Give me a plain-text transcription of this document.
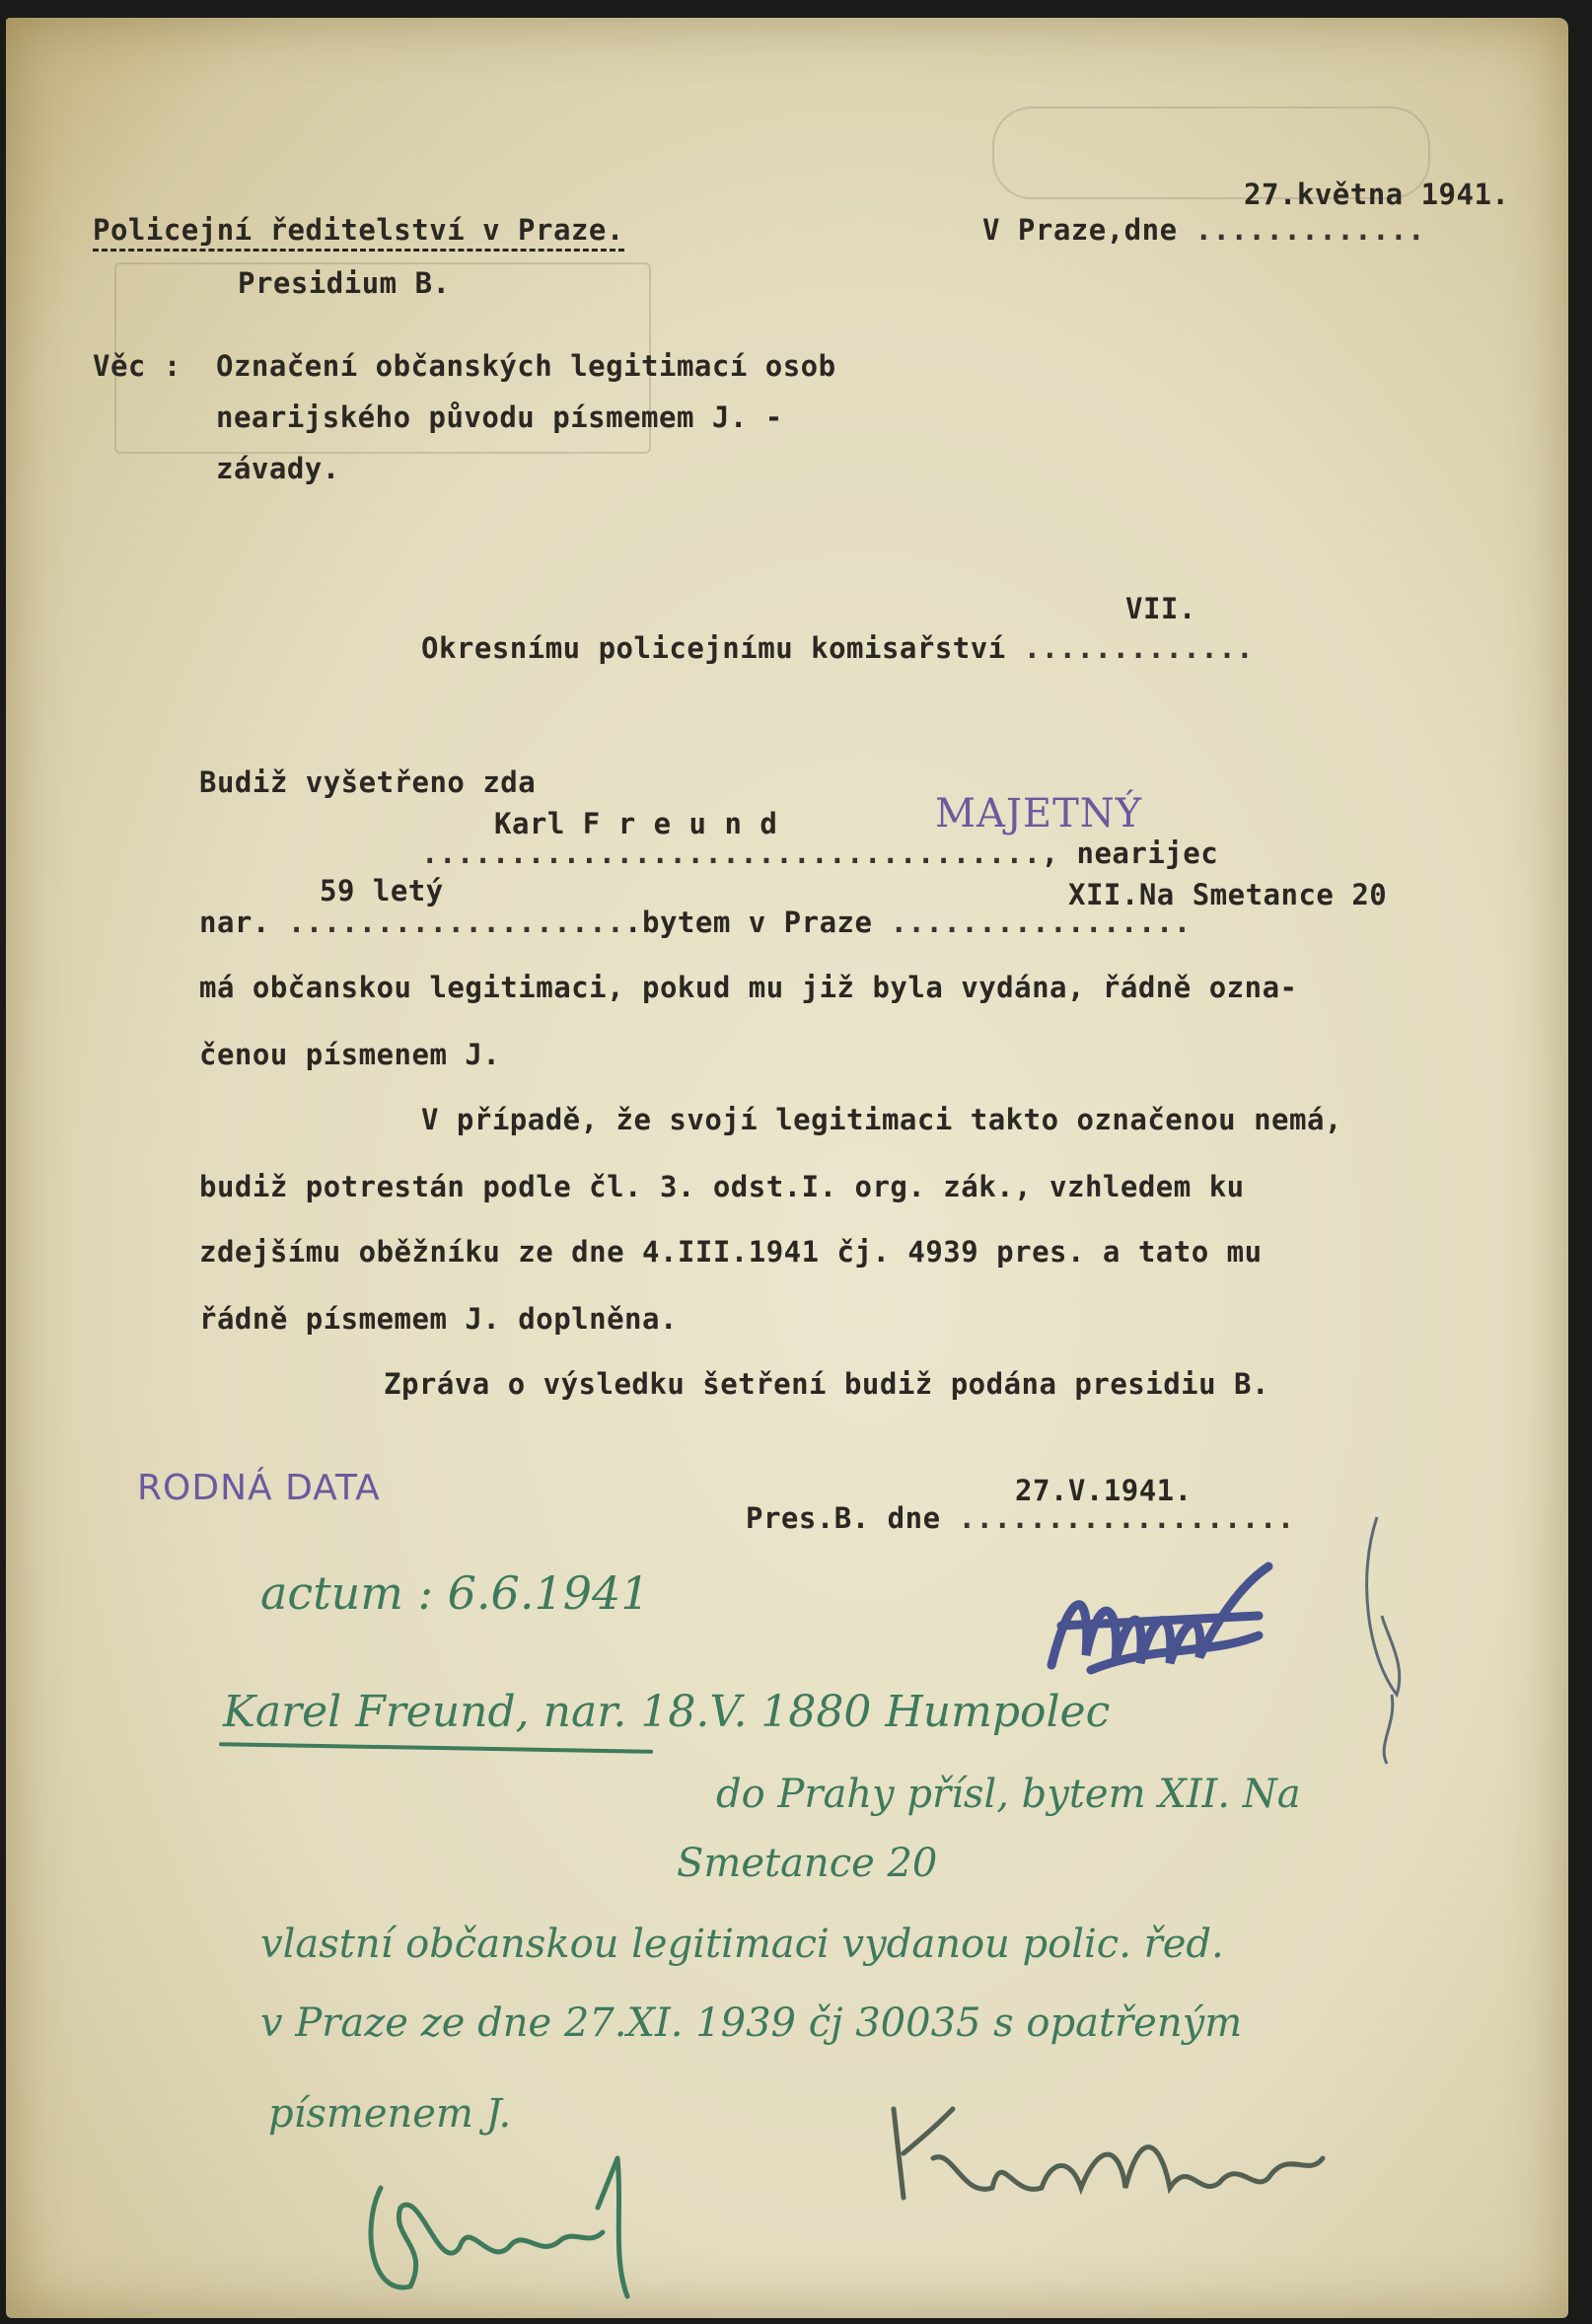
Policejní ředitelství v Praze.
Presidium B.
27.května 1941.
V Praze,dne .............
Věc : Označení občanských legitimací osob
nearijského původu písmemem J. -
závady.
VII.
Okresnímu policejnímu komisařství .............
Budiž vyšetřeno zda
Karl F r e u n d	MAJETNÝ
..................................., nearijec
59 letý	XII.Na Smetance 20
nar. ....................bytem v Praze .................
má občanskou legitimaci, pokud mu již byla vydána, řádně ozna-
čenou písmenem J.
V případě, že svojí legitimaci takto označenou nemá,
budiž potrestán podle čl. 3. odst.I. org. zák., vzhledem ku
zdejšímu oběžníku ze dne 4.III.1941 čj. 4939 pres. a tato mu
řádně písmemem J. doplněna.
Zpráva o výsledku šetření budiž podána presidiu B.
RODNÁ DATA	27.V.1941.
Pres.B. dne ...................
actum : 6.6.1941
Karel Freund, nar. 18.V. 1880 Humpolec
do Prahy přísl, bytem XII. Na
Smetance 20
vlastní občanskou legitimaci vydanou polic. řed.
v Praze ze dne 27.XI. 1939 čj 30035 s opatřeným
písmenem J.
